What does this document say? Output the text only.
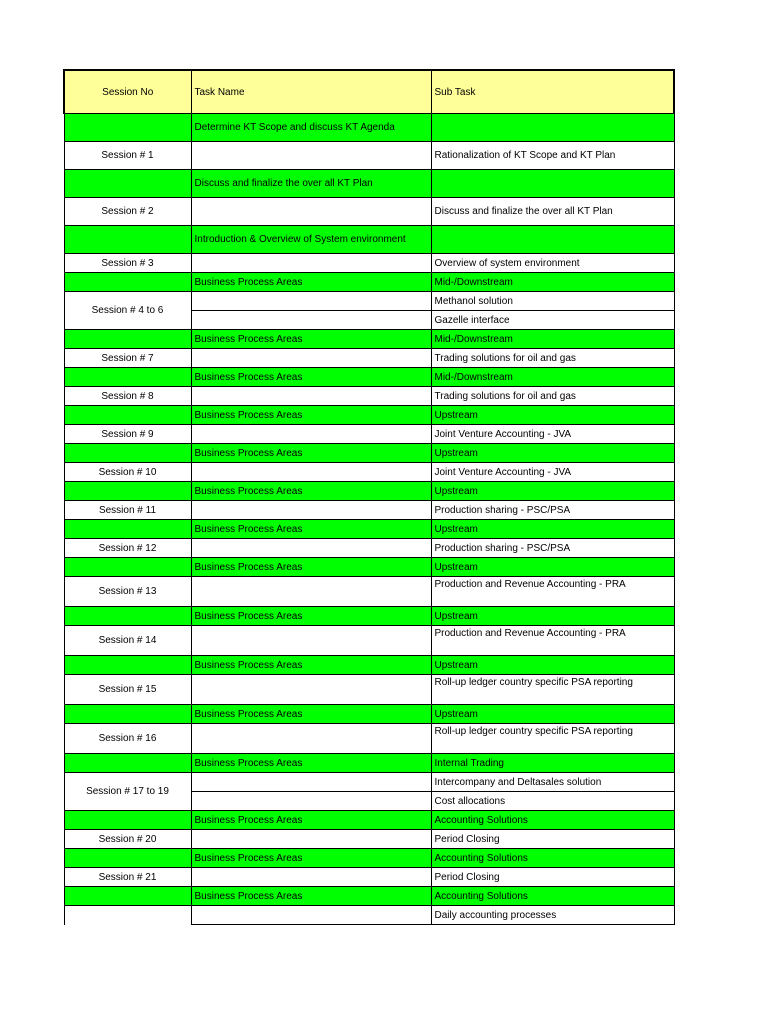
Session No	Task Name	Sub Task
	Determine KT Scope and discuss KT Agenda	
Session # 1		Rationalization of KT Scope and KT Plan
	Discuss and finalize the over all KT Plan	
Session # 2		Discuss and finalize the over all KT Plan
	Introduction & Overview of System environment	
Session # 3		Overview of system environment
	Business Process Areas	Mid-/Downstream
Session # 4 to 6		Methanol solution
		Gazelle interface
	Business Process Areas	Mid-/Downstream
Session # 7		Trading solutions for oil and gas
	Business Process Areas	Mid-/Downstream
Session # 8		Trading solutions for oil and gas
	Business Process Areas	Upstream
Session # 9		Joint Venture Accounting - JVA
	Business Process Areas	Upstream
Session # 10		Joint Venture Accounting - JVA
	Business Process Areas	Upstream
Session # 11		Production sharing - PSC/PSA
	Business Process Areas	Upstream
Session # 12		Production sharing - PSC/PSA
	Business Process Areas	Upstream
Session # 13		Production and Revenue Accounting - PRA
	Business Process Areas	Upstream
Session # 14		Production and Revenue Accounting - PRA
	Business Process Areas	Upstream
Session # 15		Roll-up ledger country specific PSA reporting
	Business Process Areas	Upstream
Session # 16		Roll-up ledger country specific PSA reporting
	Business Process Areas	Internal Trading
Session # 17 to 19		Intercompany and Deltasales solution
		Cost allocations
	Business Process Areas	Accounting Solutions
Session # 20		Period Closing
	Business Process Areas	Accounting Solutions
Session # 21		Period Closing
	Business Process Areas	Accounting Solutions
		Daily accounting processes
